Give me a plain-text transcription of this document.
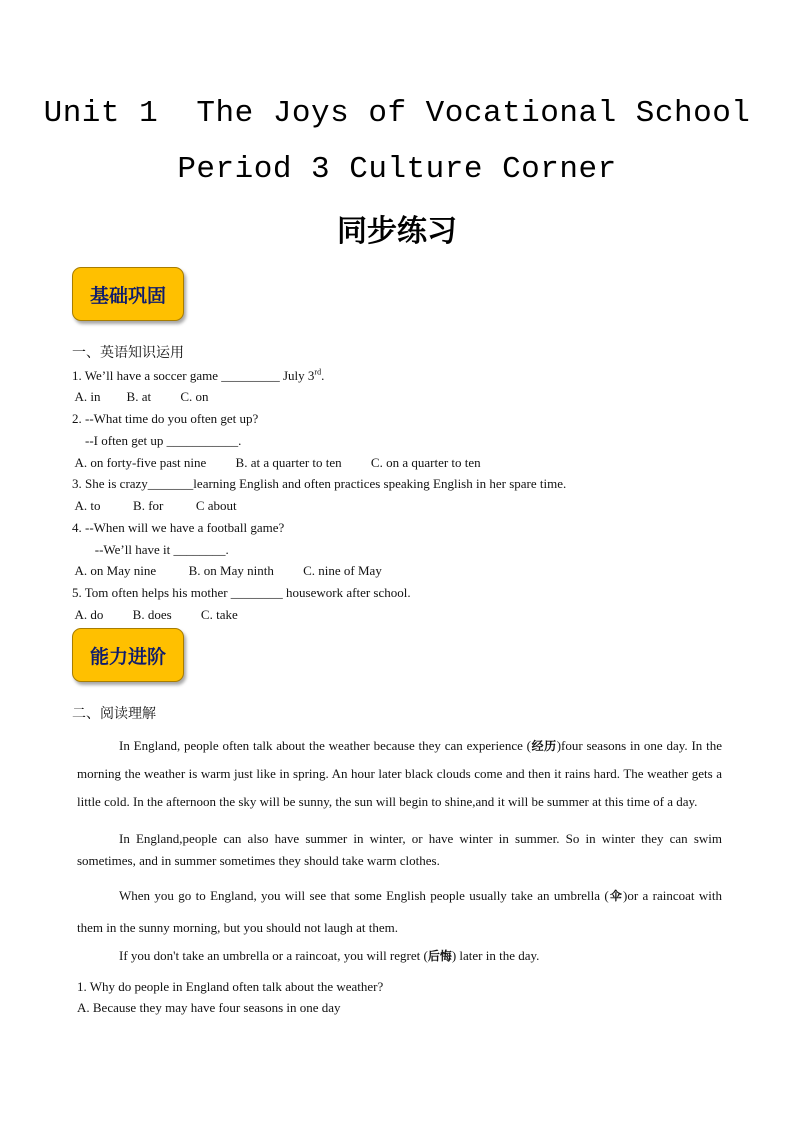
Unit 1  The Joys of Vocational School
Period 3 Culture Corner
同步练习
基础巩固
一、英语知识运用
1. We’ll have a soccer game _________ July 3rd.
A. in        B. at         C. on
2. --What time do you often get up?
--I often get up ___________.
A. on forty-five past nine         B. at a quarter to ten         C. on a quarter to ten
3. She is crazy_______learning English and often practices speaking English in her spare time.
A. to          B. for          C about
4. --When will we have a football game?
--We’ll have it ________.
A. on May nine          B. on May ninth         C. nine of May
5. Tom often helps his mother ________ housework after school.
A. do         B. does         C. take
能力进阶
二、阅读理解
In England, people often talk about the weather because they can experience (经历)four seasons in one day. In the morning the weather is warm just like in spring. An hour later black clouds come and then it rains hard. The weather gets a little cold. In the afternoon the sky will be sunny, the sun will begin to shine,and it will be summer at this time of a day.
In England,people can also have summer in winter, or have winter in summer. So in winter they can swim sometimes, and in summer sometimes they should take warm clothes.
When you go to England, you will see that some English people usually take an umbrella (伞)or a raincoat with them in the sunny morning, but you should not laugh at them.
If you don't take an umbrella or a raincoat, you will regret (后悔) later in the day.
1. Why do people in England often talk about the weather?
A. Because they may have four seasons in one day
